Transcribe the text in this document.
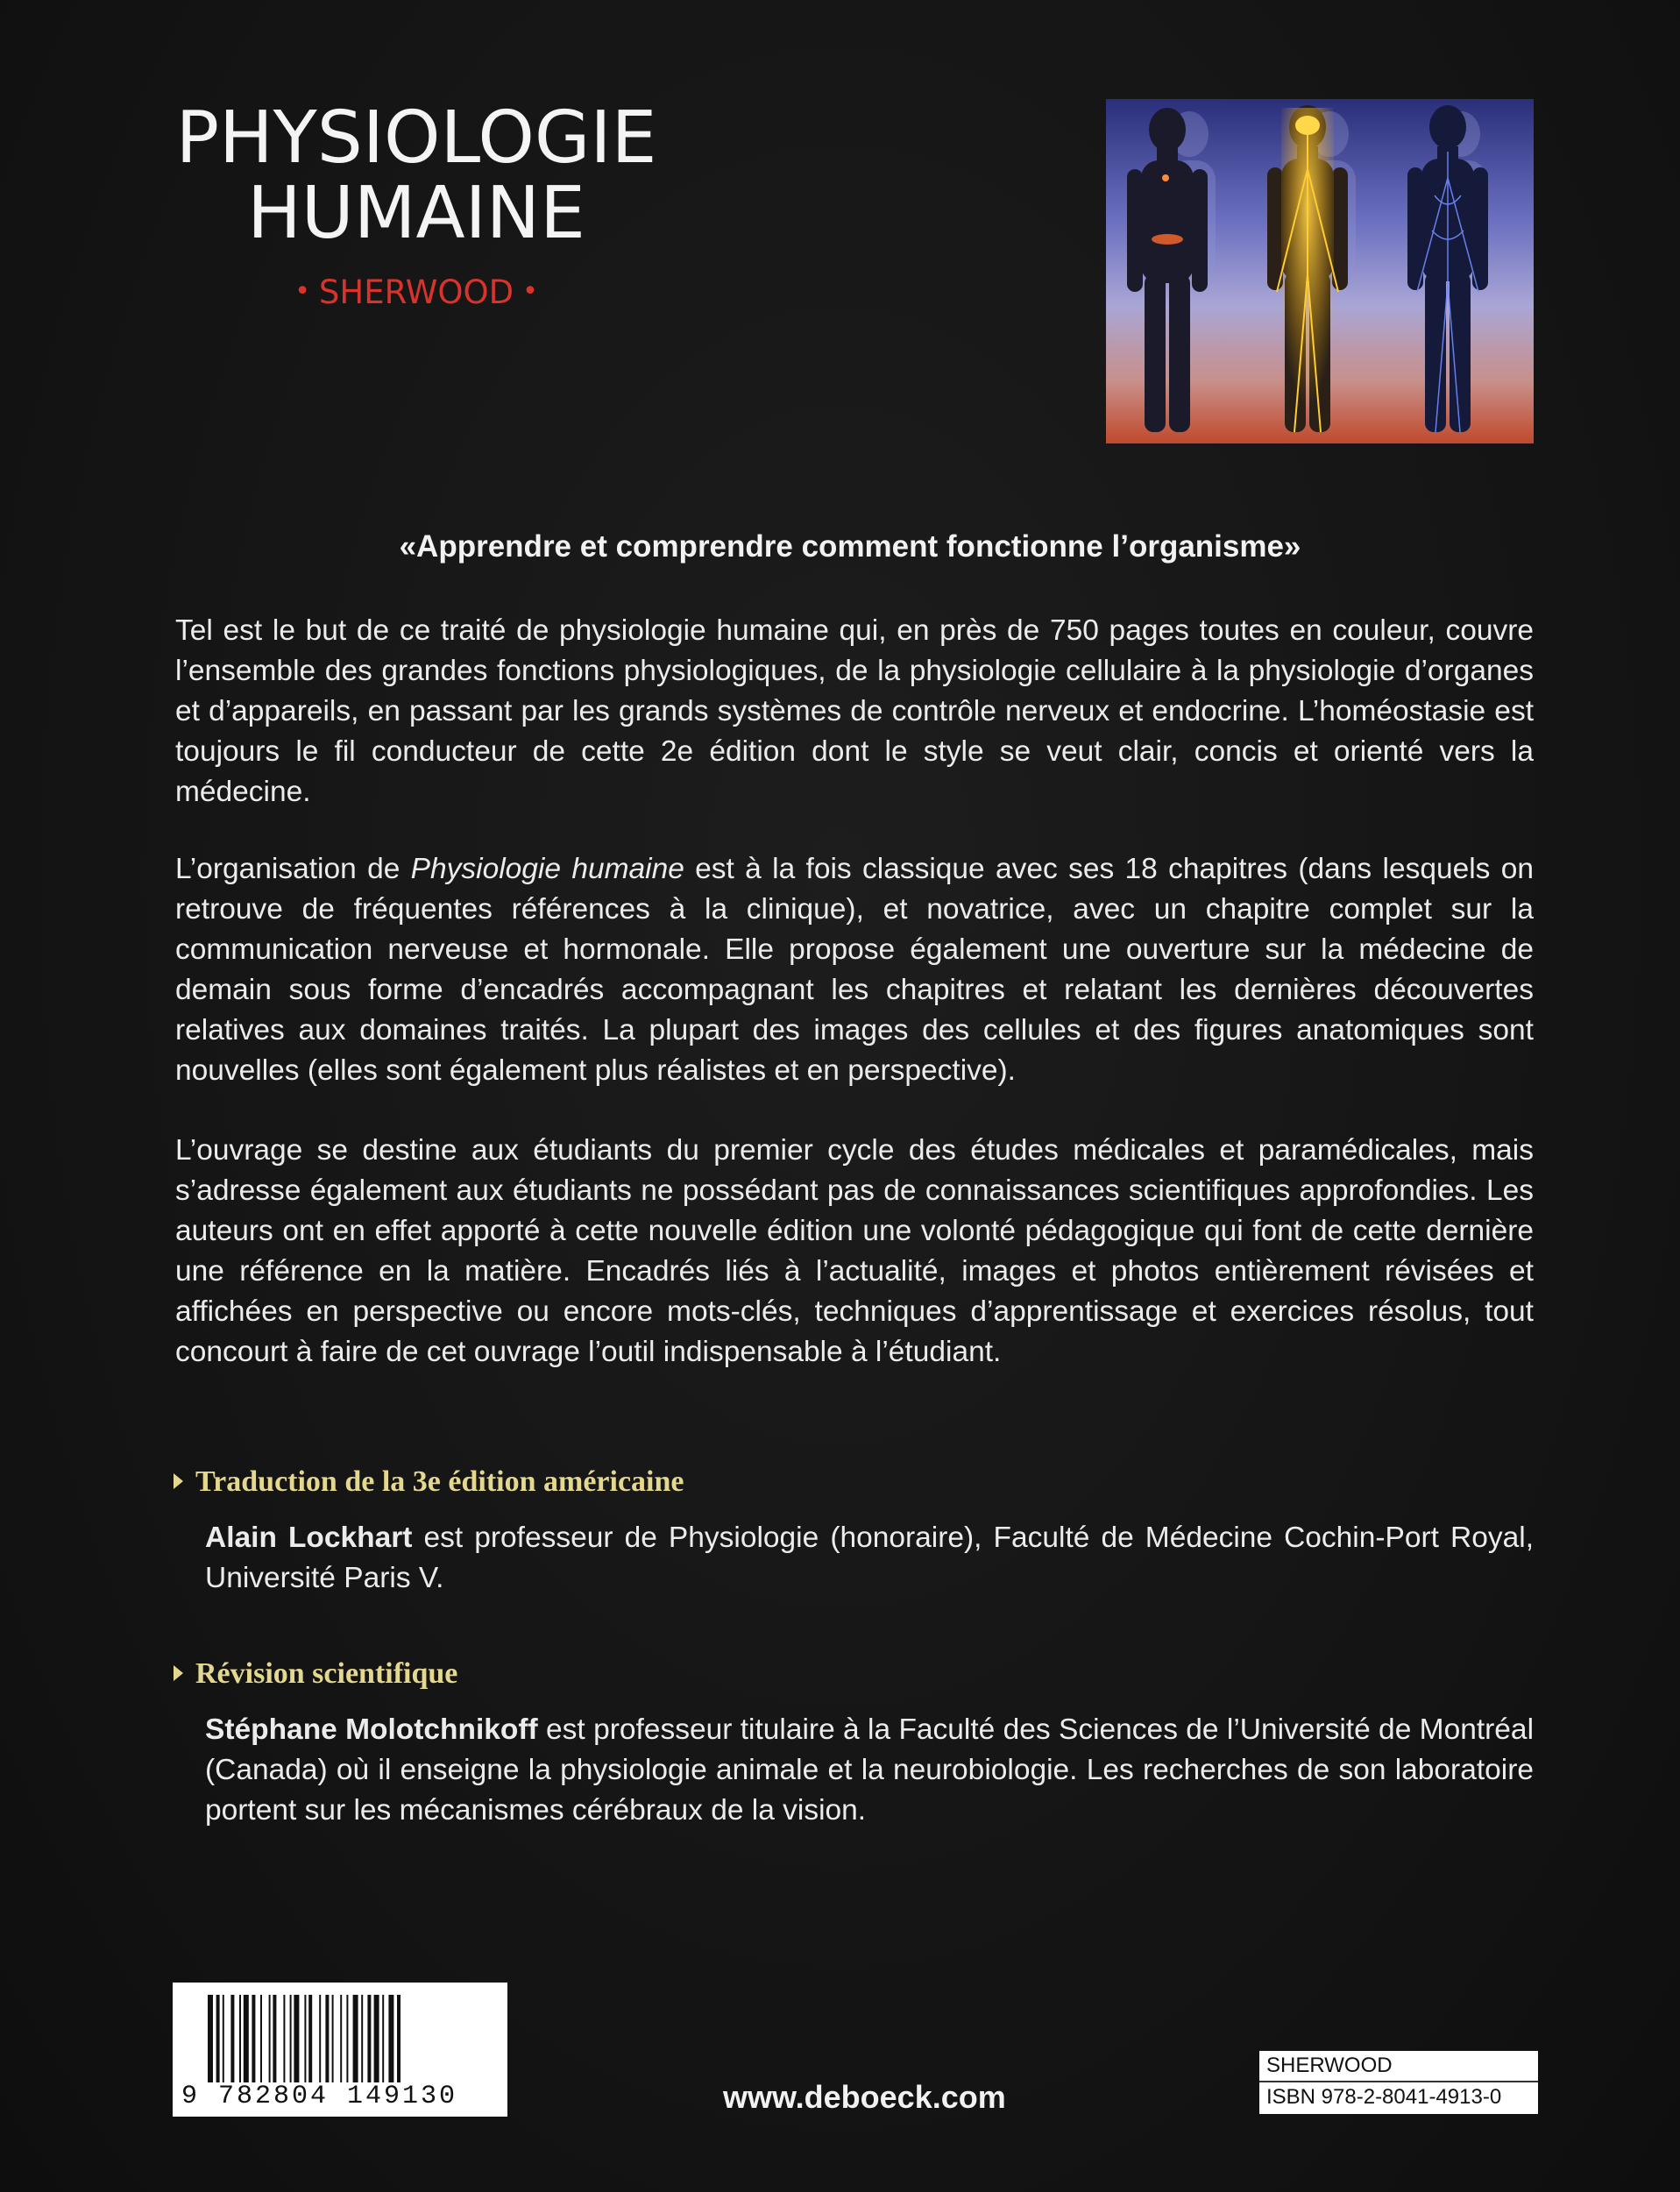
PHYSIOLOGIE
HUMAINE
• SHERWOOD •
«Apprendre et comprendre comment fonctionne l’organisme»

Tel est le but de ce traité de physiologie humaine qui, en près de 750 pages toutes en couleur, couvre l’ensemble des grandes fonctions physiologiques, de la physiologie cellulaire à la physiologie d’organes et d’appareils, en passant par les grands systèmes de contrôle nerveux et endocrine. L’homéostasie est toujours le fil conducteur de cette 2e édition dont le style se veut clair, concis et orienté vers la médecine.

L’organisation de Physiologie humaine est à la fois classique avec ses 18 chapitres (dans lesquels on retrouve de fréquentes références à la clinique), et novatrice, avec un chapitre complet sur la communication nerveuse et hormonale. Elle propose également une ouverture sur la médecine de demain sous forme d’encadrés accompagnant les chapitres et relatant les dernières découvertes relatives aux domaines traités. La plupart des images des cellules et des figures anatomiques sont nouvelles (elles sont également plus réalistes et en perspective).

L’ouvrage se destine aux étudiants du premier cycle des études médicales et paramédicales, mais s’adresse également aux étudiants ne possédant pas de connaissances scientifiques approfondies. Les auteurs ont en effet apporté à cette nouvelle édition une volonté pédagogique qui font de cette dernière une référence en la matière. Encadrés liés à l’actualité, images et photos entièrement révisées et affichées en perspective ou encore mots-clés, techniques d’apprentissage et exercices résolus, tout concourt à faire de cet ouvrage l’outil indispensable à l’étudiant.

Traduction de la 3e édition américaine

Alain Lockhart est professeur de Physiologie (honoraire), Faculté de Médecine Cochin-Port Royal, Université Paris V.

Révision scientifique

Stéphane Molotchnikoff est professeur titulaire à la Faculté des Sciences de l’Université de Montréal (Canada) où il enseigne la physiologie animale et la neurobiologie. Les recherches de son laboratoire portent sur les mécanismes cérébraux de la vision.

9 782804 149130	www.deboeck.com
SHERWOOD
ISBN 978-2-8041-4913-0
